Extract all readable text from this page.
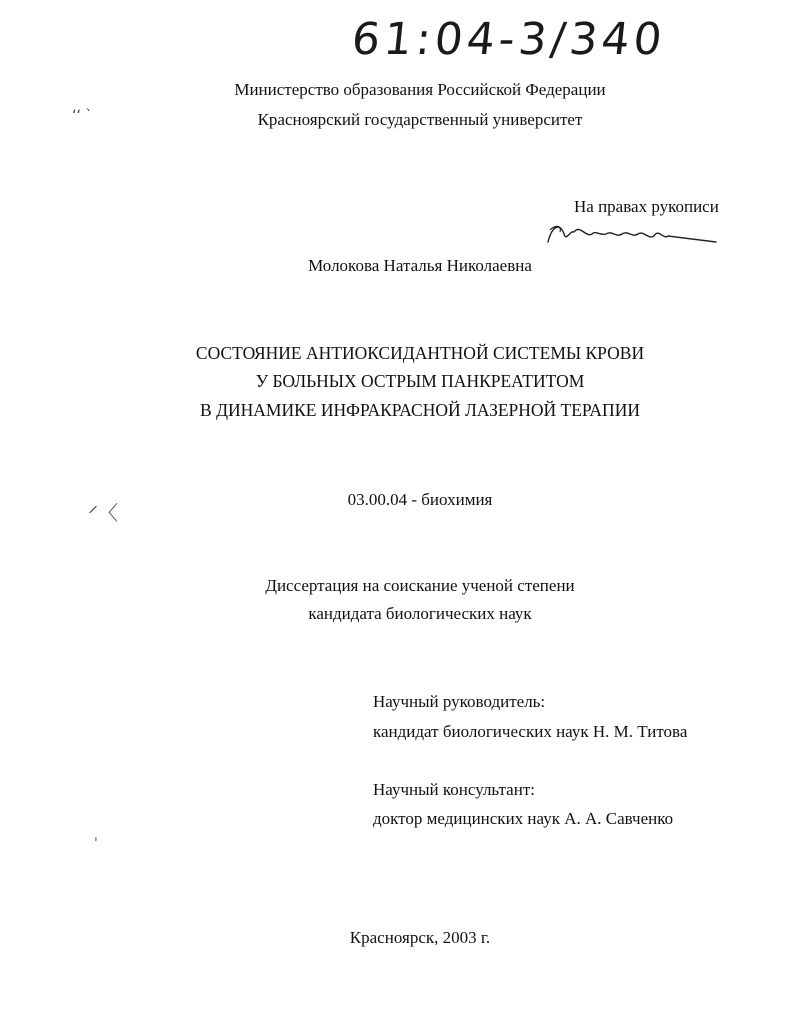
61:04-3/340
Министерство образования Российской Федерации
Красноярский государственный университет
‘‘ ˋ
На правах рукописи
Молокова Наталья Николаевна
СОСТОЯНИЕ АНТИОКСИДАНТНОЙ СИСТЕМЫ КРОВИ
У БОЛЬНЫХ ОСТРЫМ ПАНКРЕАТИТОМ
В ДИНАМИКЕ ИНФРАКРАСНОЙ ЛАЗЕРНОЙ ТЕРАПИИ
⸍〈
03.00.04 - биохимия
Диссертация на соискание ученой степени
кандидата биологических наук
Научный руководитель:
кандидат биологических наук Н. М. Титова
Научный консультант:
доктор медицинских наук А. А. Савченко
ˈ
Красноярск, 2003 г.
